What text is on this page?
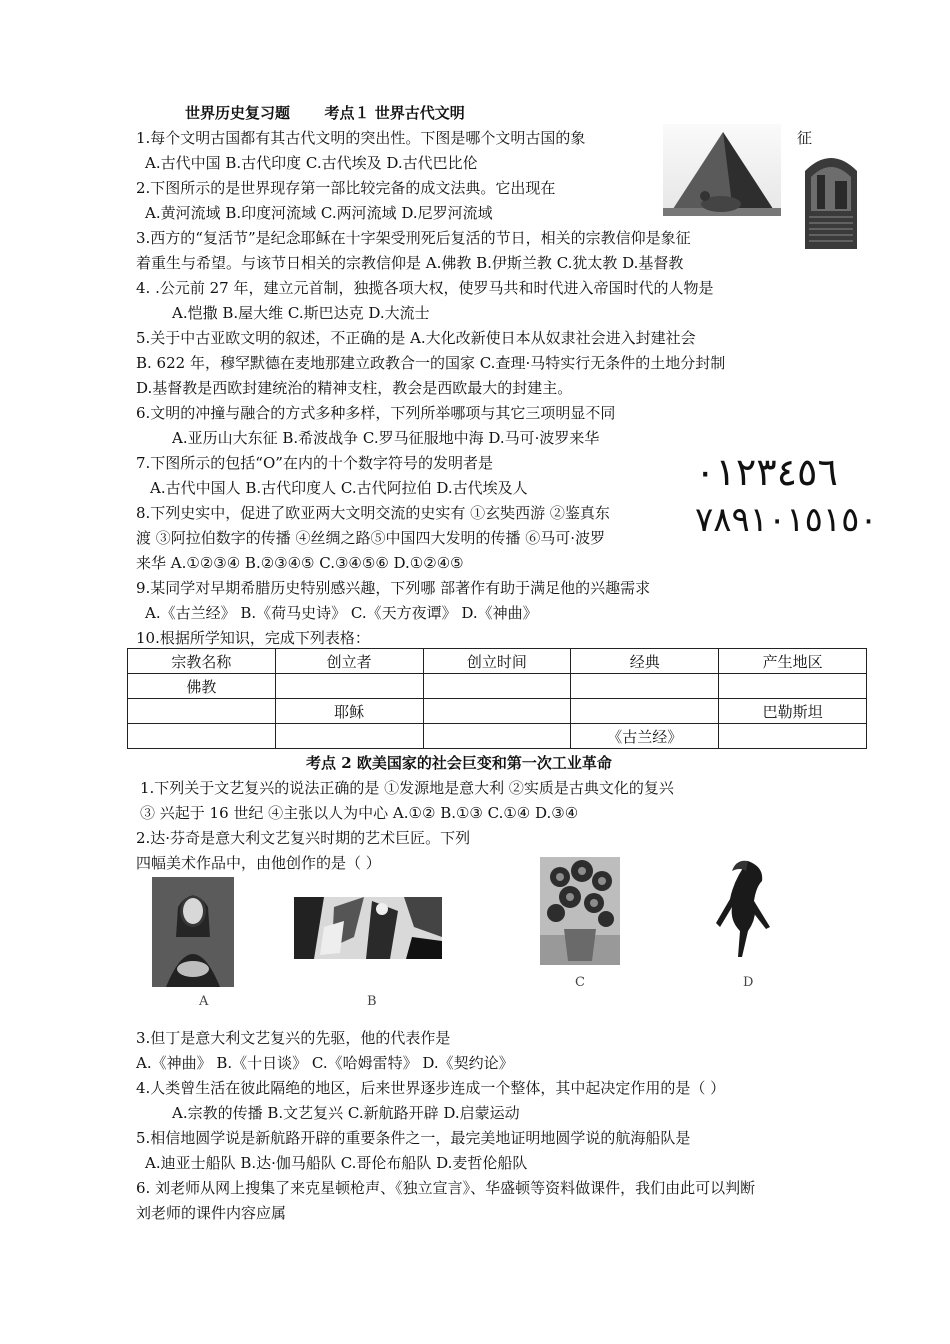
世界历史复习题 考点１ 世界古代文明
1.每个文明古国都有其古代文明的突出性。下图是哪个文明古国的象	征
A.古代中国 B.古代印度 C.古代埃及 D.古代巴比伦
2.下图所示的是世界现存第一部比较完备的成文法典。它出现在
A.黄河流域 B.印度河流域 C.两河流域 D.尼罗河流域
3.西方的“复活节”是纪念耶稣在十字架受刑死后复活的节日，相关的宗教信仰是象征
着重生与希望。与该节日相关的宗教信仰是 A.佛教 B.伊斯兰教 C.犹太教 D.基督教
4. .公元前 27 年，建立元首制，独揽各项大权，使罗马共和时代进入帝国时代的人物是
A.恺撒 B.屋大维 C.斯巴达克 D.大流士
5.关于中古亚欧文明的叙述，不正确的是 A.大化改新使日本从奴隶社会进入封建社会
B. 622 年，穆罕默德在麦地那建立政教合一的国家 C.查理·马特实行无条件的土地分封制
D.基督教是西欧封建统治的精神支柱，教会是西欧最大的封建主。
6.文明的冲撞与融合的方式多种多样，下列所举哪项与其它三项明显不同
A.亚历山大东征 B.希波战争 C.罗马征服地中海 D.马可·波罗来华
7.下图所示的包括“O”在内的十个数字符号的发明者是
A.古代中国人 B.古代印度人 C.古代阿拉伯 D.古代埃及人
8.下列史实中，促进了欧亚两大文明交流的史实有 ①玄奘西游 ②鉴真东
渡 ③阿拉伯数字的传播 ④丝绸之路⑤中国四大发明的传播 ⑥马可·波罗
来华 A.①②③④ B.②③④⑤ C.③④⑤⑥ D.①②④⑤
9.某同学对早期希腊历史特别感兴趣，下列哪 部著作有助于满足他的兴趣需求
A.《古兰经》 B.《荷马史诗》 C.《天方夜谭》 D.《神曲》
10.根据所学知识，完成下列表格：
٠١٢٣٤٥٦
٧٨٩١٠١٥١٥٠
宗教名称	创立者	创立时间	经典	产生地区
佛教				
	耶稣			巴勒斯坦
			《古兰经》	
考点 2 欧美国家的社会巨变和第一次工业革命
1.下列关于文艺复兴的说法正确的是 ①发源地是意大利 ②实质是古典文化的复兴
③ 兴起于 16 世纪 ④主张以人为中心 A.①② B.①③ C.①④ D.③④
2.达·芬奇是意大利文艺复兴时期的艺术巨匠。下列
四幅美术作品中，由他创作的是（ ）
A	B
C	D
3.但丁是意大利文艺复兴的先驱，他的代表作是
A.《神曲》 B.《十日谈》 C.《哈姆雷特》 D.《契约论》
4.人类曾生活在彼此隔绝的地区，后来世界逐步连成一个整体，其中起决定作用的是（ ）
A.宗教的传播 B.文艺复兴 C.新航路开辟 D.启蒙运动
5.相信地圆学说是新航路开辟的重要条件之一，最完美地证明地圆学说的航海船队是
A.迪亚士船队 B.达·伽马船队 C.哥伦布船队 D.麦哲伦船队
6. 刘老师从网上搜集了来克星顿枪声、《独立宣言》、华盛顿等资料做课件，我们由此可以判断
刘老师的课件内容应属
